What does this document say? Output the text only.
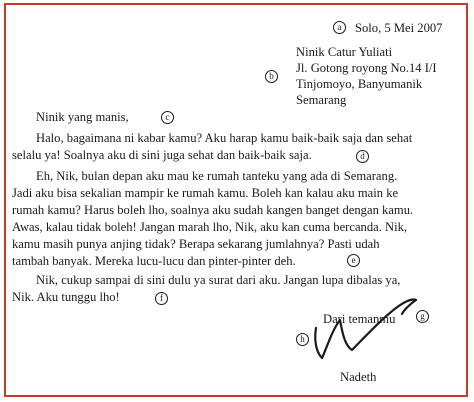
a	Solo, 5 Mei 2007
Ninik Catur Yuliati
Jl. Gotong royong No.14 I/I
b
Tinjomoyo, Banyumanik
Semarang
Ninik yang manis,	c
Halo, bagaimana ni kabar kamu? Aku harap kamu baik-baik saja dan sehat
selalu ya! Soalnya aku di sini juga sehat dan baik-baik saja.	d
Eh, Nik, bulan depan aku mau ke rumah tanteku yang ada di Semarang.
Jadi aku bisa sekalian mampir ke rumah kamu. Boleh kan kalau aku main ke
rumah kamu? Harus boleh lho, soalnya aku sudah kangen banget dengan kamu.
Awas, kalau tidak boleh! Jangan marah lho, Nik, aku kan cuma bercanda. Nik,
kamu masih punya anjing tidak? Berapa sekarang jumlahnya? Pasti udah
tambah banyak. Mereka lucu-lucu dan pinter-pinter deh.	e
Nik, cukup sampai di sini dulu ya surat dari aku. Jangan lupa dibalas ya,
Nik. Aku tunggu lho!	f
Dari temanmu	g
h
Nadeth
